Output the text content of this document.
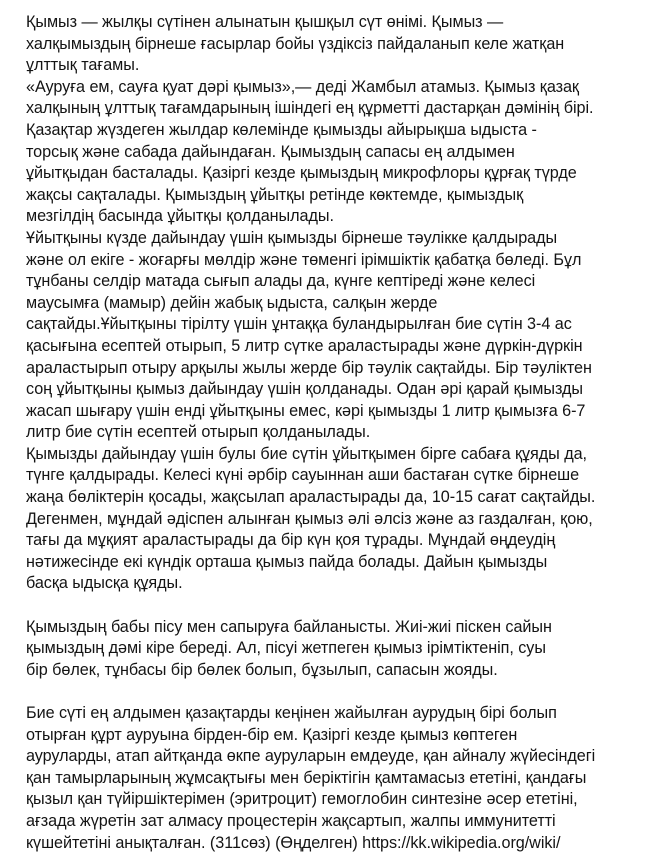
Қымыз — жылқы сүтінен алынатын қышқыл сүт өнімі. Қымыз —
халқымыздың бірнеше ғасырлар бойы үздіксіз пайдаланып келе жатқан
ұлттық тағамы.
«Ауруға ем, сауға қуат дәрі қымыз»,— деді Жамбыл атамыз. Қымыз қазақ
халқының ұлттық тағамдарының ішіндегі ең құрметті дастарқан дәмінің бірі.
Қазақтар жүздеген жылдар көлемінде қымызды айырықша ыдыста -
торсық және сабада дайындаған. Қымыздың сапасы ең алдымен
ұйытқыдан басталады. Қазіргі кезде қымыздың микрофлоры құрғақ түрде
жақсы сақталады. Қымыздың ұйытқы ретінде көктемде, қымыздық
мезгілдің басында ұйытқы қолданылады.
Ұйытқыны күзде дайындау үшін қымызды бірнеше тәулікке қалдырады
және ол екіге - жоғарғы мөлдір және төменгі ірімшіктік қабатқа бөледі. Бұл
тұнбаны селдір матада сығып алады да, күнге кептіреді және келесі
маусымға (мамыр) дейін жабық ыдыста, салқын жерде
сақтайды.Ұйытқыны тірілту үшін ұнтаққа буландырылған бие сүтін 3-4 ас
қасығына есептей отырып, 5 литр сүтке араластырады және дүркін-дүркін
араластырып отыру арқылы жылы жерде бір тәулік сақтайды. Бір тәуліктен
соң ұйытқыны қымыз дайындау үшін қолданады. Одан әрі қарай қымызды
жасап шығару үшін енді ұйытқыны емес, кәрі қымызды 1 литр қымызға 6-7
литр бие сүтін есептей отырып қолданылады.
Қымызды дайындау үшін булы бие сүтін ұйытқымен бірге сабаға құяды да,
түнге қалдырады. Келесі күні әрбір сауыннан аши бастаған сүтке бірнеше
жаңа бөліктерін қосады, жақсылап араластырады да, 10-15 сағат сақтайды.
Дегенмен, мұндай әдіспен алынған қымыз әлі әлсіз және аз газдалған, қою,
тағы да мұқият араластырады да бір күн қоя тұрады. Мұндай өңдеудің
нәтижесінде екі күндік орташа қымыз пайда болады. Дайын қымызды
басқа ыдысқа құяды.
Қымыздың бабы пісу мен сапыруға байланысты. Жиі-жиі піскен сайын
қымыздың дәмі кіре береді. Ал, пісуі жетпеген қымыз ірімтіктеніп, суы
бір бөлек, тұнбасы бір бөлек болып, бұзылып, сапасын жояды.
Бие сүті ең алдымен қазақтарды кеңінен жайылған аурудың бірі болып
отырған құрт ауруына бірден-бір ем. Қазіргі кезде қымыз көптеген
ауруларды, атап айтқанда өкпе ауруларын емдеуде, қан айналу жүйесіндегі
қан тамырларының жұмсақтығы мен беріктігін қамтамасыз ететіні, қандағы
қызыл қан түйіршіктерімен (эритроцит) гемоглобин синтезіне әсер ететіні,
ағзада жүретін зат алмасу процестерін жақсартып, жалпы иммунитетті
күшейтетіні анықталған. (311сөз) (Өңделген) https://kk.wikipedia.org/wiki/
